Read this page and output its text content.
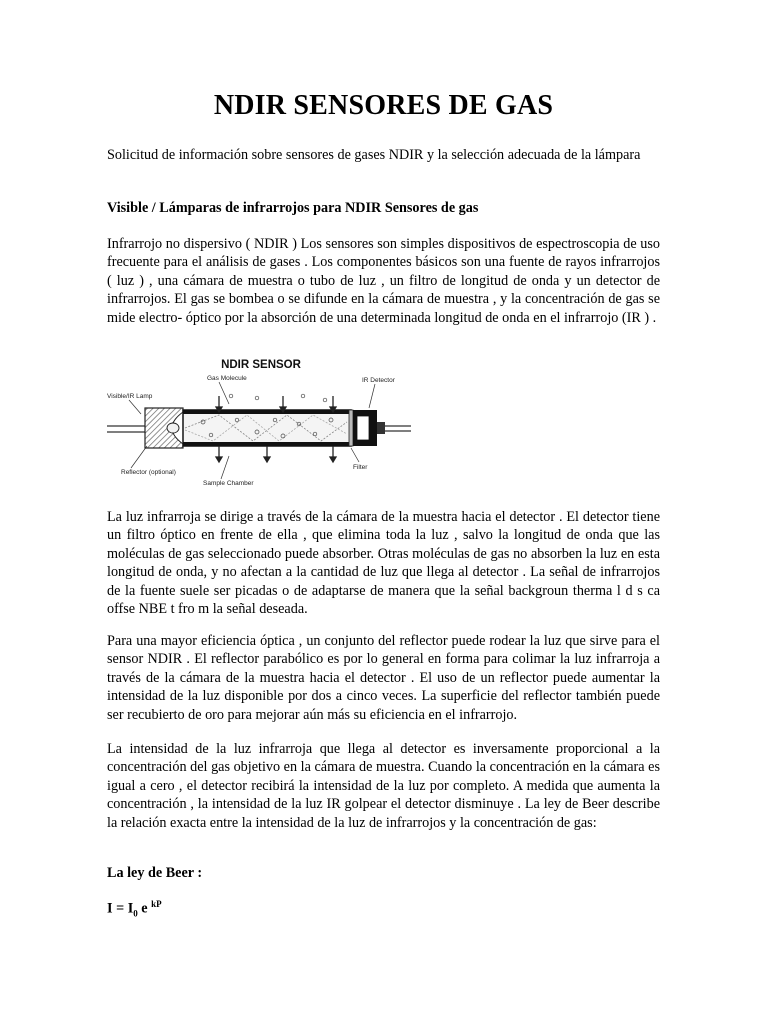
NDIR SENSORES DE GAS

Solicitud de información sobre sensores de gases NDIR y la selección adecuada de la lámpara

Visible / Lámparas de infrarrojos para NDIR Sensores de gas

Infrarrojo no dispersivo ( NDIR ) Los sensores son simples dispositivos de espectroscopia de uso frecuente para el análisis de gases . Los componentes básicos son una fuente de rayos infrarrojos ( luz ) , una cámara de muestra o tubo de luz , un filtro de longitud de onda y un detector de infrarrojos. El gas se bombea o se difunde en la cámara de muestra , y la concentración de gas se mide electro- óptico por la absorción de una determinada longitud de onda en el infrarrojo (IR ) .

NDIR SENSOR
Gas Molecule	IR Detector
Visible/IR Lamp
Reflector (optional)
Sample Chamber
Filter

La luz infrarroja se dirige a través de la cámara de la muestra hacia el detector . El detector tiene un filtro óptico en frente de ella , que elimina toda la luz , salvo la longitud de onda que las moléculas de gas seleccionado puede absorber. Otras moléculas de gas no absorben la luz en esta longitud de onda, y no afectan a la cantidad de luz que llega al detector . La señal de infrarrojos de la fuente suele ser picadas o de adaptarse de manera que la señal backgroun therma l d s ca offse NBE t fro m la señal deseada.

Para una mayor eficiencia óptica , un conjunto del reflector puede rodear la luz que sirve para el sensor NDIR . El reflector parabólico es por lo general en forma para colimar la luz infrarroja a través de la cámara de la muestra hacia el detector . El uso de un reflector puede aumentar la intensidad de la luz disponible por dos a cinco veces. La superficie del reflector también puede ser recubierto de oro para mejorar aún más su eficiencia en el infrarrojo.

La intensidad de la luz infrarroja que llega al detector es inversamente proporcional a la concentración del gas objetivo en la cámara de muestra. Cuando la concentración en la cámara es igual a cero , el detector recibirá la intensidad de la luz por completo. A medida que aumenta la concentración , la intensidad de la luz IR golpear el detector disminuye . La ley de Beer describe la relación exacta entre la intensidad de la luz de infrarrojos y la concentración de gas:

La ley de Beer :

$I = I_0$ e $^{kP}$
